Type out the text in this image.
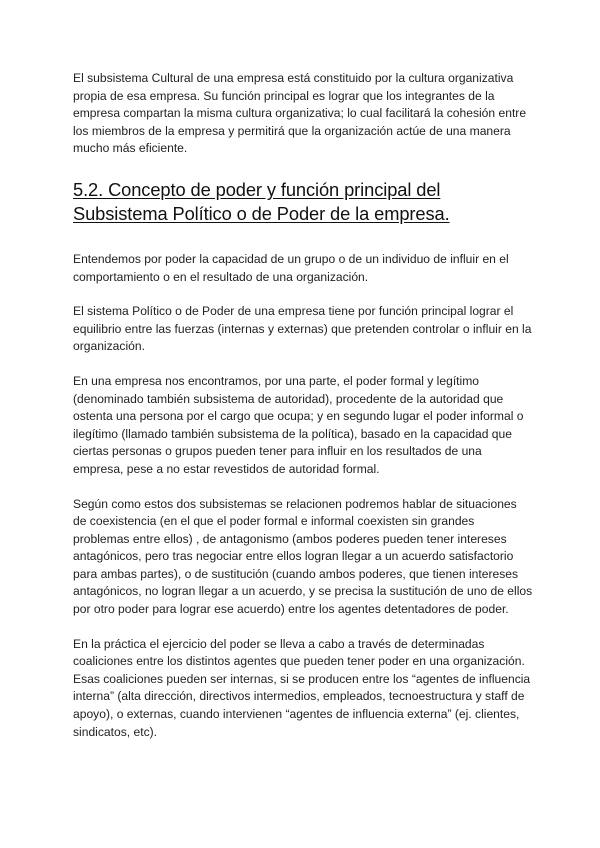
El subsistema Cultural de una empresa está constituido por la cultura organizativa propia de esa empresa. Su función principal es lograr que los integrantes de la empresa compartan la misma cultura organizativa; lo cual facilitará la cohesión entre los miembros de la empresa y permitirá que la organización actúe de una manera mucho más eficiente.

5.2. Concepto de poder y función principal del Subsistema Político o de Poder de la empresa.

Entendemos por poder la capacidad de un grupo o de un individuo de influir en el comportamiento o en el resultado de una organización.

El sistema Político o de Poder de una empresa tiene por función principal lograr el equilibrio entre las fuerzas (internas y externas) que pretenden controlar o influir en la organización.

En una empresa nos encontramos, por una parte, el poder formal y legítimo (denominado también subsistema de autoridad), procedente de la autoridad que ostenta una persona por el cargo que ocupa; y en segundo lugar el poder informal o ilegítimo (llamado también subsistema de la política), basado en la capacidad que ciertas personas o grupos pueden tener para influir en los resultados de una empresa, pese a no estar revestidos de autoridad formal.

Según como estos dos subsistemas se relacionen podremos hablar de situaciones de coexistencia (en el que el poder formal e informal coexisten sin grandes problemas entre ellos) , de antagonismo (ambos poderes pueden tener intereses antagónicos, pero tras negociar entre ellos logran llegar a un acuerdo satisfactorio para ambas partes), o de sustitución (cuando ambos poderes, que tienen intereses antagónicos, no logran llegar a un acuerdo, y se precisa la sustitución de uno de ellos por otro poder para lograr ese acuerdo) entre los agentes detentadores de poder.

En la práctica el ejercicio del poder se lleva a cabo a través de determinadas coaliciones entre los distintos agentes que pueden tener poder en una organización. Esas coaliciones pueden ser internas, si se producen entre los “agentes de influencia interna” (alta dirección, directivos intermedios, empleados, tecnoestructura y staff de apoyo), o externas, cuando intervienen “agentes de influencia externa” (ej. clientes, sindicatos, etc).
